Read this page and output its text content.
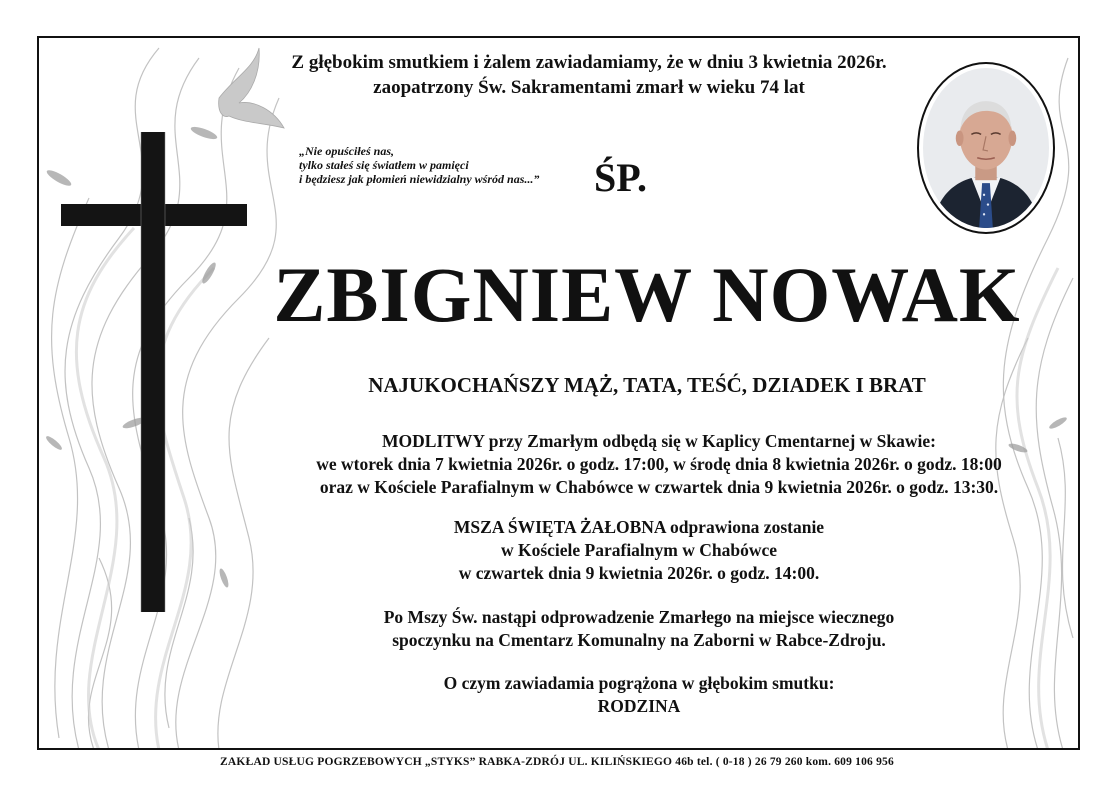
Z głębokim smutkiem i żalem zawiadamiamy, że w dniu 3 kwietnia 2026r.
zaopatrzony Św. Sakramentami zmarł w wieku 74 lat
„Nie opuściłeś nas,
tylko stałeś się światłem w pamięci
i będziesz jak płomień niewidzialny wśród nas...” ŚP.
ZBIGNIEW NOWAK
NAJUKOCHAŃSZY MĄŻ, TATA, TEŚĆ, DZIADEK I BRAT
MODLITWY przy Zmarłym odbędą się w Kaplicy Cmentarnej w Skawie:
we wtorek dnia 7 kwietnia 2026r. o godz. 17:00, w środę dnia 8 kwietnia 2026r. o godz. 18:00
oraz w Kościele Parafialnym w Chabówce w czwartek dnia 9 kwietnia 2026r. o godz. 13:30.
MSZA ŚWIĘTA ŻAŁOBNA odprawiona zostanie
w Kościele Parafialnym w Chabówce
w czwartek dnia 9 kwietnia 2026r. o godz. 14:00.
Po Mszy Św. nastąpi odprowadzenie Zmarłego na miejsce wiecznego
spoczynku na Cmentarz Komunalny na Zaborni w Rabce-Zdroju.
O czym zawiadamia pogrążona w głębokim smutku:
RODZINA
ZAKŁAD USŁUG POGRZEBOWYCH „STYKS” RABKA-ZDRÓJ UL. KILIŃSKIEGO 46b tel. ( 0-18 ) 26 79 260 kom. 609 106 956
